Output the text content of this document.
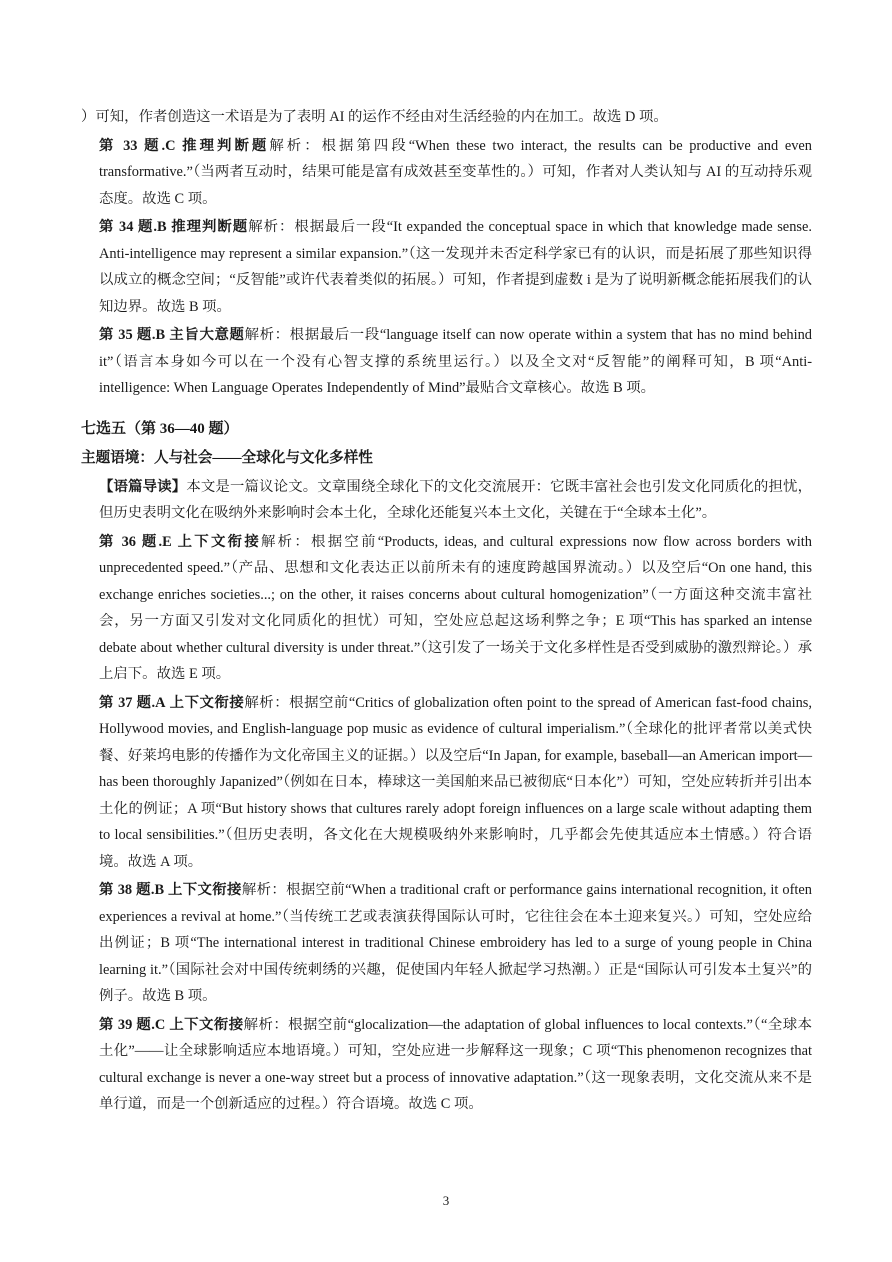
）可知，作者创造这一术语是为了表明 AI 的运作不经由对生活经验的内在加工。故选 D 项。

第 33 题.C 推理判断题解析：根据第四段“When these two interact, the results can be productive and even transformative.”（当两者互动时，结果可能是富有成效甚至变革性的。）可知，作者对人类认知与 AI 的互动持乐观态度。故选 C 项。

第 34 题.B 推理判断题解析：根据最后一段“It expanded the conceptual space in which that knowledge made sense. Anti-intelligence may represent a similar expansion.”（这一发现并未否定科学家已有的认识，而是拓展了那些知识得以成立的概念空间；“反智能”或许代表着类似的拓展。）可知，作者提到虚数 i 是为了说明新概念能拓展我们的认知边界。故选 B 项。

第 35 题.B 主旨大意题解析：根据最后一段“language itself can now operate within a system that has no mind behind it”（语言本身如今可以在一个没有心智支撑的系统里运行。）以及全文对“反智能”的阐释可知，B 项“Anti-intelligence: When Language Operates Independently of Mind”最贴合文章核心。故选 B 项。

七选五（第 36—40 题）
主题语境：人与社会——全球化与文化多样性

【语篇导读】本文是一篇议论文。文章围绕全球化下的文化交流展开：它既丰富社会也引发文化同质化的担忧，但历史表明文化在吸纳外来影响时会本土化，全球化还能复兴本土文化，关键在于“全球本土化”。

第 36 题.E 上下文衔接解析：根据空前“Products, ideas, and cultural expressions now flow across borders with unprecedented speed.”（产品、思想和文化表达正以前所未有的速度跨越国界流动。）以及空后“On one hand, this exchange enriches societies...; on the other, it raises concerns about cultural homogenization”（一方面这种交流丰富社会，另一方面又引发对文化同质化的担忧）可知，空处应总起这场利弊之争；E 项“This has sparked an intense debate about whether cultural diversity is under threat.”（这引发了一场关于文化多样性是否受到威胁的激烈辩论。）承上启下。故选 E 项。

第 37 题.A 上下文衔接解析：根据空前“Critics of globalization often point to the spread of American fast-food chains, Hollywood movies, and English-language pop music as evidence of cultural imperialism.”（全球化的批评者常以美式快餐、好莱坞电影的传播作为文化帝国主义的证据。）以及空后“In Japan, for example, baseball—an American import—has been thoroughly Japanized”（例如在日本，棒球这一美国舶来品已被彻底“日本化”）可知，空处应转折并引出本土化的例证；A 项“But history shows that cultures rarely adopt foreign influences on a large scale without adapting them to local sensibilities.”（但历史表明，各文化在大规模吸纳外来影响时，几乎都会先使其适应本土情感。）符合语境。故选 A 项。

第 38 题.B 上下文衔接解析：根据空前“When a traditional craft or performance gains international recognition, it often experiences a revival at home.”（当传统工艺或表演获得国际认可时，它往往会在本土迎来复兴。）可知，空处应给出例证；B 项“The international interest in traditional Chinese embroidery has led to a surge of young people in China learning it.”（国际社会对中国传统刺绣的兴趣，促使国内年轻人掀起学习热潮。）正是“国际认可引发本土复兴”的例子。故选 B 项。

第 39 题.C 上下文衔接解析：根据空前“glocalization—the adaptation of global influences to local contexts.”（“全球本土化”——让全球影响适应本地语境。）可知，空处应进一步解释这一现象；C 项“This phenomenon recognizes that cultural exchange is never a one-way street but a process of innovative adaptation.”（这一现象表明，文化交流从来不是单行道，而是一个创新适应的过程。）符合语境。故选 C 项。

3
